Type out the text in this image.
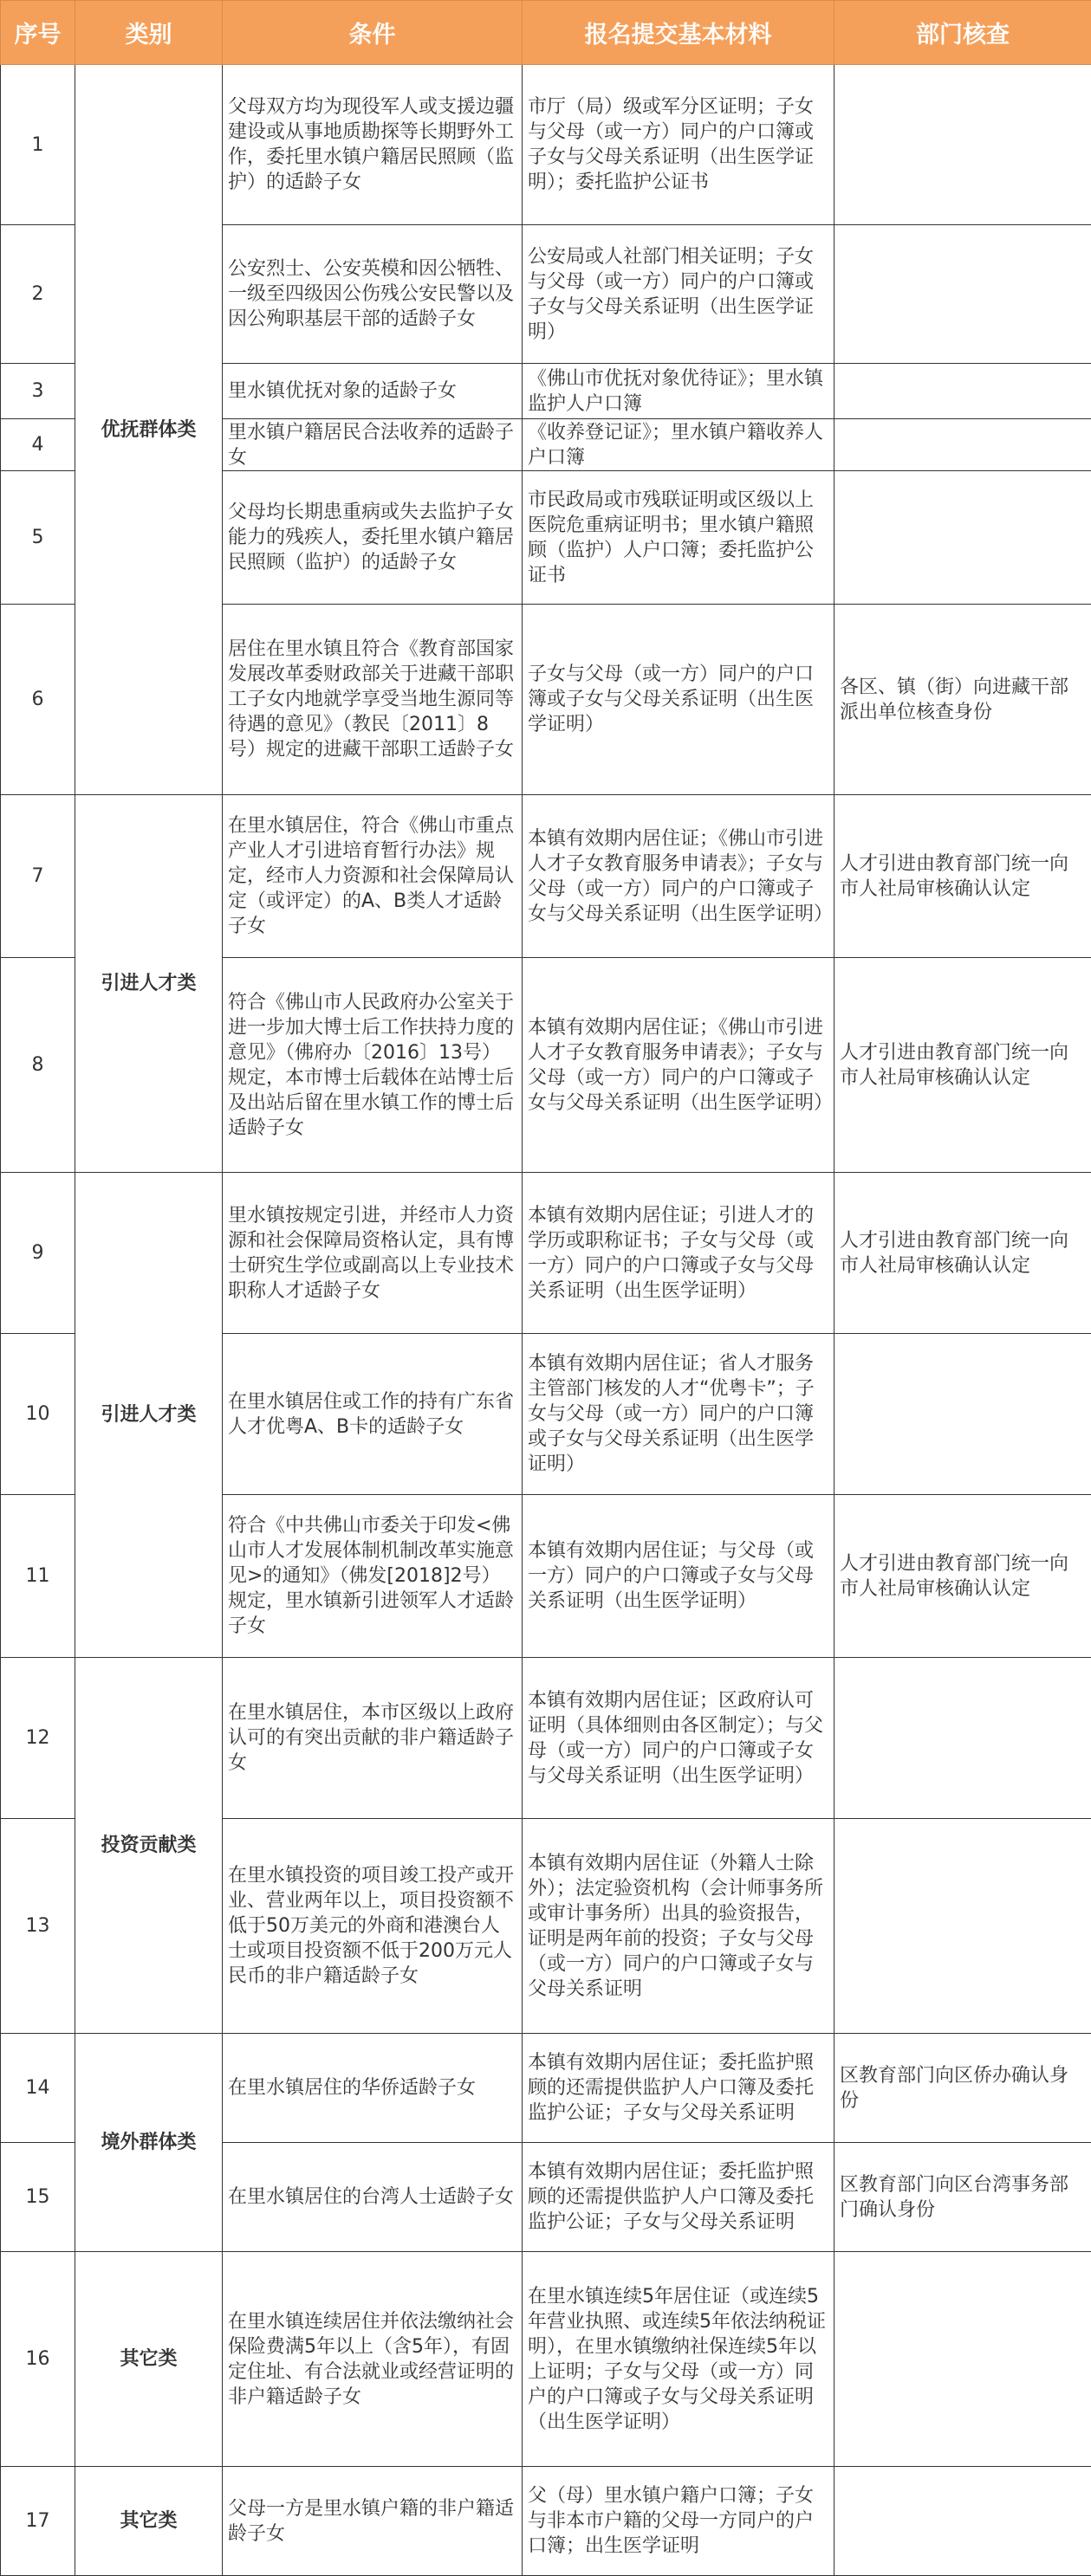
序号	类别	条件	报名提交基本材料	部门核查
1	优抚群体类	父母双方均为现役军人或支援边疆建设或从事地质勘探等长期野外工作，委托里水镇户籍居民照顾（监护）的适龄子女	市厅（局）级或军分区证明；子女与父母（或一方）同户的户口簿或子女与父母关系证明（出生医学证明）；委托监护公证书	
2		公安烈士、公安英模和因公牺牲、一级至四级因公伤残公安民警以及因公殉职基层干部的适龄子女	公安局或人社部门相关证明；子女与父母（或一方）同户的户口簿或子女与父母关系证明（出生医学证明）	
3		里水镇优抚对象的适龄子女	《佛山市优抚对象优待证》；里水镇监护人户口簿	
4		里水镇户籍居民合法收养的适龄子女	《收养登记证》；里水镇户籍收养人户口簿	
5		父母均长期患重病或失去监护子女能力的残疾人，委托里水镇户籍居民照顾（监护）的适龄子女	市民政局或市残联证明或区级以上医院危重病证明书；里水镇户籍照顾（监护）人户口簿；委托监护公证书	
6		居住在里水镇且符合《教育部国家发展改革委财政部关于进藏干部职工子女内地就学享受当地生源同等待遇的意见》（教民〔2011〕8号）规定的进藏干部职工适龄子女	子女与父母（或一方）同户的户口簿或子女与父母关系证明（出生医学证明）	各区、镇（街）向进藏干部派出单位核查身份
7	引进人才类	在里水镇居住，符合《佛山市重点产业人才引进培育暂行办法》规定，经市人力资源和社会保障局认定（或评定）的A、B类人才适龄子女	本镇有效期内居住证；《佛山市引进人才子女教育服务申请表》；子女与父母（或一方）同户的户口簿或子女与父母关系证明（出生医学证明）	人才引进由教育部门统一向市人社局审核确认认定
8		符合《佛山市人民政府办公室关于进一步加大博士后工作扶持力度的意见》（佛府办〔2016〕13号）规定，本市博士后载体在站博士后及出站后留在里水镇工作的博士后适龄子女	本镇有效期内居住证；《佛山市引进人才子女教育服务申请表》；子女与父母（或一方）同户的户口簿或子女与父母关系证明（出生医学证明）	人才引进由教育部门统一向市人社局审核确认认定
9	引进人才类	里水镇按规定引进，并经市人力资源和社会保障局资格认定，具有博士研究生学位或副高以上专业技术职称人才适龄子女	本镇有效期内居住证；引进人才的学历或职称证书；子女与父母（或一方）同户的户口簿或子女与父母关系证明（出生医学证明）	人才引进由教育部门统一向市人社局审核确认认定
10		在里水镇居住或工作的持有广东省人才优粤A、B卡的适龄子女	本镇有效期内居住证；省人才服务主管部门核发的人才“优粤卡”；子女与父母（或一方）同户的户口簿或子女与父母关系证明（出生医学证明）	
11		符合《中共佛山市委关于印发<佛山市人才发展体制机制改革实施意见>的通知》（佛发[2018]2号）规定，里水镇新引进领军人才适龄子女	本镇有效期内居住证；与父母（或一方）同户的户口簿或子女与父母关系证明（出生医学证明）	人才引进由教育部门统一向市人社局审核确认认定
12	投资贡献类	在里水镇居住，本市区级以上政府认可的有突出贡献的非户籍适龄子女	本镇有效期内居住证；区政府认可证明（具体细则由各区制定）；与父母（或一方）同户的户口簿或子女与父母关系证明（出生医学证明）	
13		在里水镇投资的项目竣工投产或开业、营业两年以上，项目投资额不低于50万美元的外商和港澳台人士或项目投资额不低于200万元人民币的非户籍适龄子女	本镇有效期内居住证（外籍人士除外）；法定验资机构（会计师事务所或审计事务所）出具的验资报告，证明是两年前的投资；子女与父母（或一方）同户的户口簿或子女与父母关系证明	
14	境外群体类	在里水镇居住的华侨适龄子女	本镇有效期内居住证；委托监护照顾的还需提供监护人户口簿及委托监护公证；子女与父母关系证明	区教育部门向区侨办确认身份
15		在里水镇居住的台湾人士适龄子女	本镇有效期内居住证；委托监护照顾的还需提供监护人户口簿及委托监护公证；子女与父母关系证明	区教育部门向区台湾事务部门确认身份
16	其它类	在里水镇连续居住并依法缴纳社会保险费满5年以上（含5年），有固定住址、有合法就业或经营证明的非户籍适龄子女	在里水镇连续5年居住证（或连续5年营业执照、或连续5年依法纳税证明），在里水镇缴纳社保连续5年以上证明；子女与父母（或一方）同户的户口簿或子女与父母关系证明（出生医学证明）	
17	其它类	父母一方是里水镇户籍的非户籍适龄子女	父（母）里水镇户籍户口簿；子女与非本市户籍的父母一方同户的户口簿；出生医学证明	
